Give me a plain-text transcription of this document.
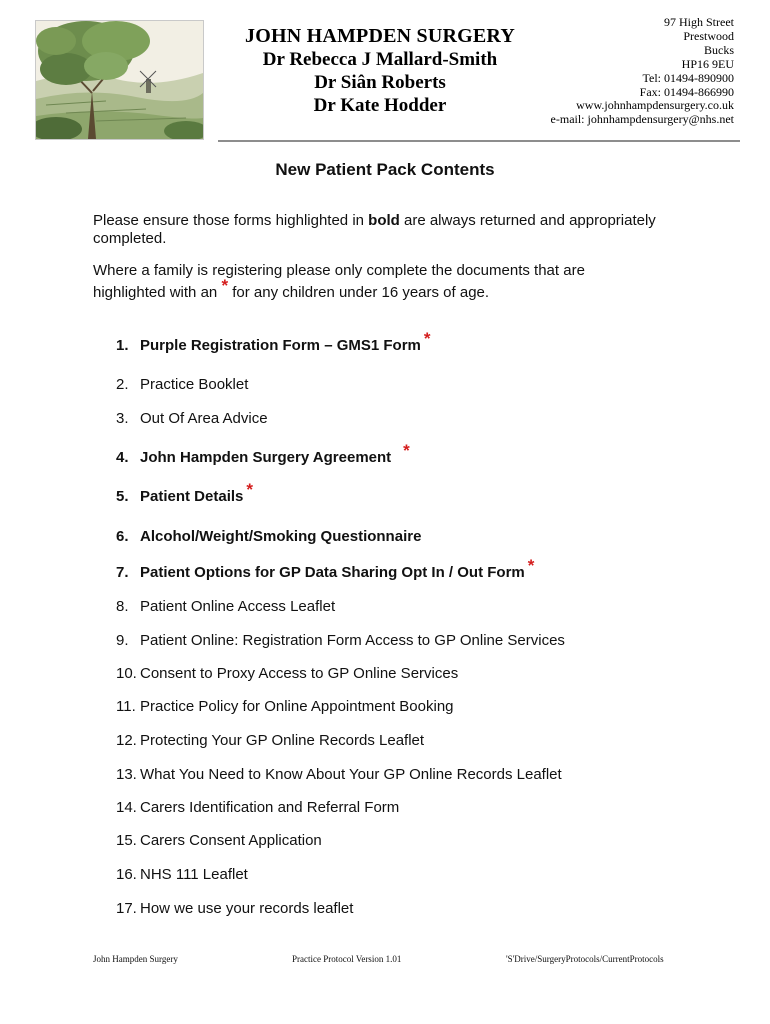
JOHN HAMPDEN SURGERY
Dr Rebecca J Mallard-Smith
Dr Siân Roberts
Dr Kate Hodder
97 High Street
Prestwood
Bucks
HP16 9EU
Tel: 01494-890900
Fax: 01494-866990
www.johnhampdensurgery.co.uk
e-mail: johnhampdensurgery@nhs.net
New Patient Pack Contents
Please ensure those forms highlighted in bold are always returned and appropriately completed.
Where a family is registering please only complete the documents that are
highlighted with an * for any children under 16 years of age.
1. Purple Registration Form – GMS1 Form *
2. Practice Booklet
3. Out Of Area Advice
4. John Hampden Surgery Agreement *
5. Patient Details *
6. Alcohol/Weight/Smoking Questionnaire
7. Patient Options for GP Data Sharing Opt In / Out Form *
8. Patient Online Access Leaflet
9. Patient Online: Registration Form Access to GP Online Services
10. Consent to Proxy Access to GP Online Services
11. Practice Policy for Online Appointment Booking
12. Protecting Your GP Online Records Leaflet
13. What You Need to Know About Your GP Online Records Leaflet
14. Carers Identification and Referral Form
15. Carers Consent Application
16. NHS 111 Leaflet
17. How we use your records leaflet
John Hampden Surgery	Practice Protocol Version 1.01	'S'Drive/SurgeryProtocols/CurrentProtocols
